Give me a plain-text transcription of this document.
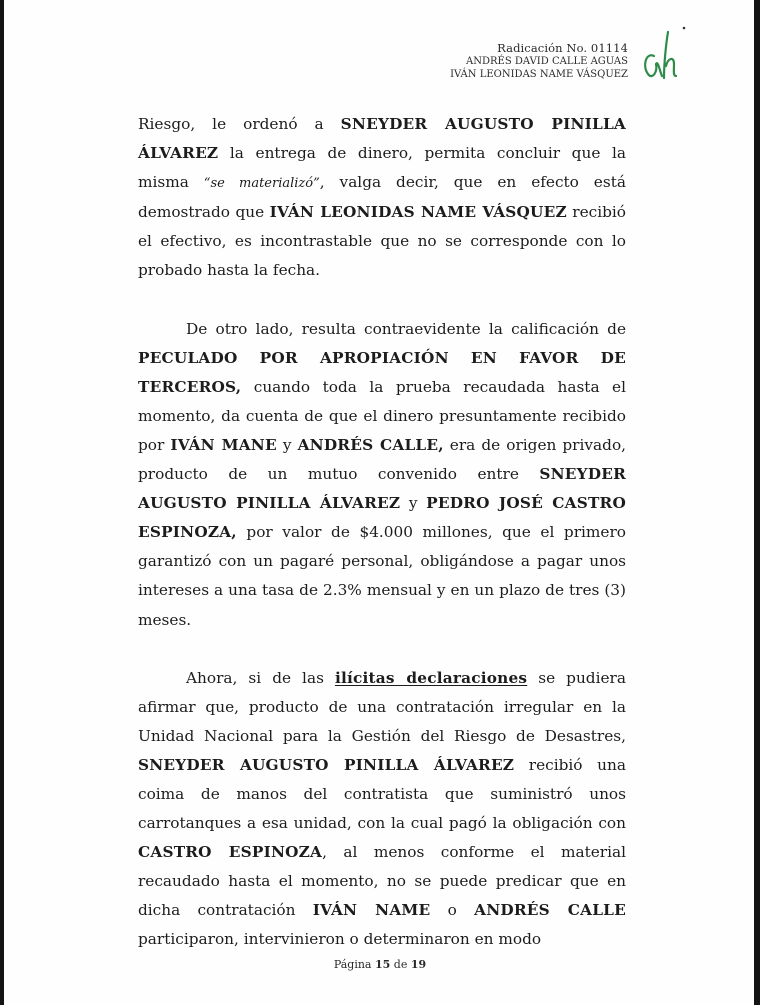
Radicación No. 01114
ANDRÉS DAVID CALLE AGUAS
IVÁN LEONIDAS NAME VÁSQUEZ

Riesgo, le ordenó a SNEYDER AUGUSTO PINILLA ÁLVAREZ la entrega de dinero, permita concluir que la misma “se materializó”, valga decir, que en efecto está demostrado que IVÁN LEONIDAS NAME VÁSQUEZ recibió el efectivo, es incontrastable que no se corresponde con lo probado hasta la fecha.

De otro lado, resulta contraevidente la calificación de PECULADO POR APROPIACIÓN EN FAVOR DE TERCEROS, cuando toda la prueba recaudada hasta el momento, da cuenta de que el dinero presuntamente recibido por IVÁN MANE y ANDRÉS CALLE, era de origen privado, producto de un mutuo convenido entre SNEYDER AUGUSTO PINILLA ÁLVAREZ y PEDRO JOSÉ CASTRO ESPINOZA, por valor de $4.000 millones, que el primero garantizó con un pagaré personal, obligándose a pagar unos intereses a una tasa de 2.3% mensual y en un plazo de tres (3) meses.

Ahora, si de las ilícitas declaraciones se pudiera afirmar que, producto de una contratación irregular en la Unidad Nacional para la Gestión del Riesgo de Desastres, SNEYDER AUGUSTO PINILLA ÁLVAREZ recibió una coima de manos del contratista que suministró unos carrotanques a esa unidad, con la cual pagó la obligación con CASTRO ESPINOZA, al menos conforme el material recaudado hasta el momento, no se puede predicar que en dicha contratación IVÁN NAME o ANDRÉS CALLE participaron, intervinieron o determinaron en modo

Página 15 de 19
